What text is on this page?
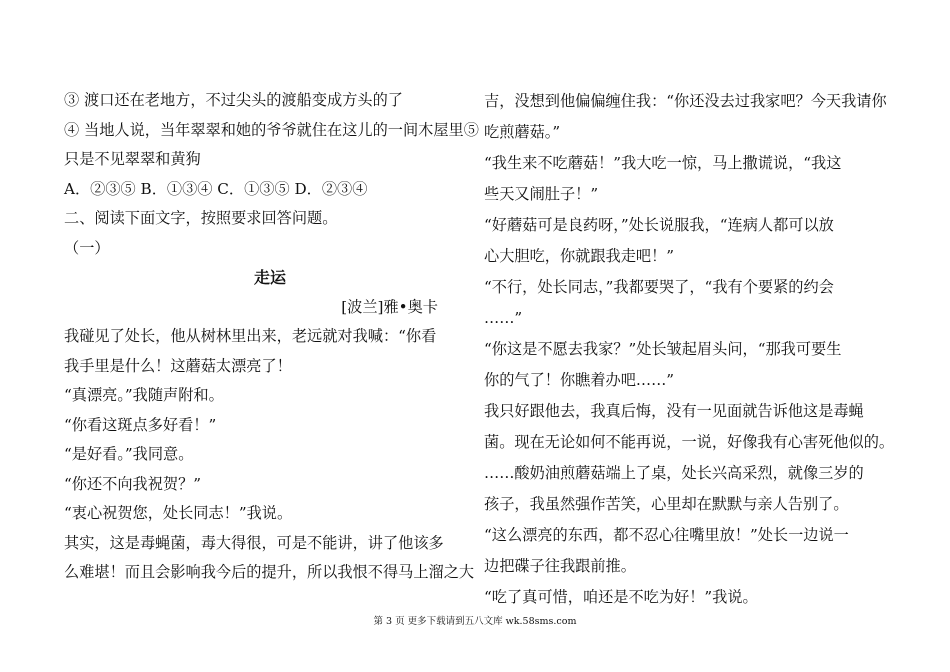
③ 渡口还在老地方，不过尖头的渡船变成方头的了

④ 当地人说，当年翠翠和她的爷爷就住在这儿的一间木屋里⑤

只是不见翠翠和黄狗

A．②③⑤ B．①③④ C．①③⑤ D．②③④

二、阅读下面文字，按照要求回答问题。

（一）

走运

[波兰]雅•奥卡

我碰见了处长，他从树林里出来，老远就对我喊：“你看

我手里是什么！这蘑菇太漂亮了！

“真漂亮。”我随声附和。

“你看这斑点多好看！”

“是好看。”我同意。

“你还不向我祝贺？”

“衷心祝贺您，处长同志！”我说。

其实，这是毒蝇菌，毒大得很，可是不能讲，讲了他该多

么难堪！而且会影响我今后的提升，所以我恨不得马上溜之大

吉，没想到他偏偏缠住我：“你还没去过我家吧？今天我请你

吃煎蘑菇。”

“我生来不吃蘑菇！”我大吃一惊，马上撒谎说，“我这

些天又闹肚子！”

“好蘑菇可是良药呀，”处长说服我，“连病人都可以放

心大胆吃，你就跟我走吧！”

“不行，处长同志，”我都要哭了，“我有个要紧的约会

……”

“你这是不愿去我家？”处长皱起眉头问，“那我可要生

你的气了！你瞧着办吧……”

我只好跟他去，我真后悔，没有一见面就告诉他这是毒蝇

菌。现在无论如何不能再说，一说，好像我有心害死他似的。

……酸奶油煎蘑菇端上了桌，处长兴高采烈，就像三岁的

孩子，我虽然强作苦笑，心里却在默默与亲人告别了。

“这么漂亮的东西，都不忍心往嘴里放！”处长一边说一

边把碟子往我跟前推。

“吃了真可惜，咱还是不吃为好！”我说。

第 3 页 更多下载请到五八文库 wk.58sms.com
